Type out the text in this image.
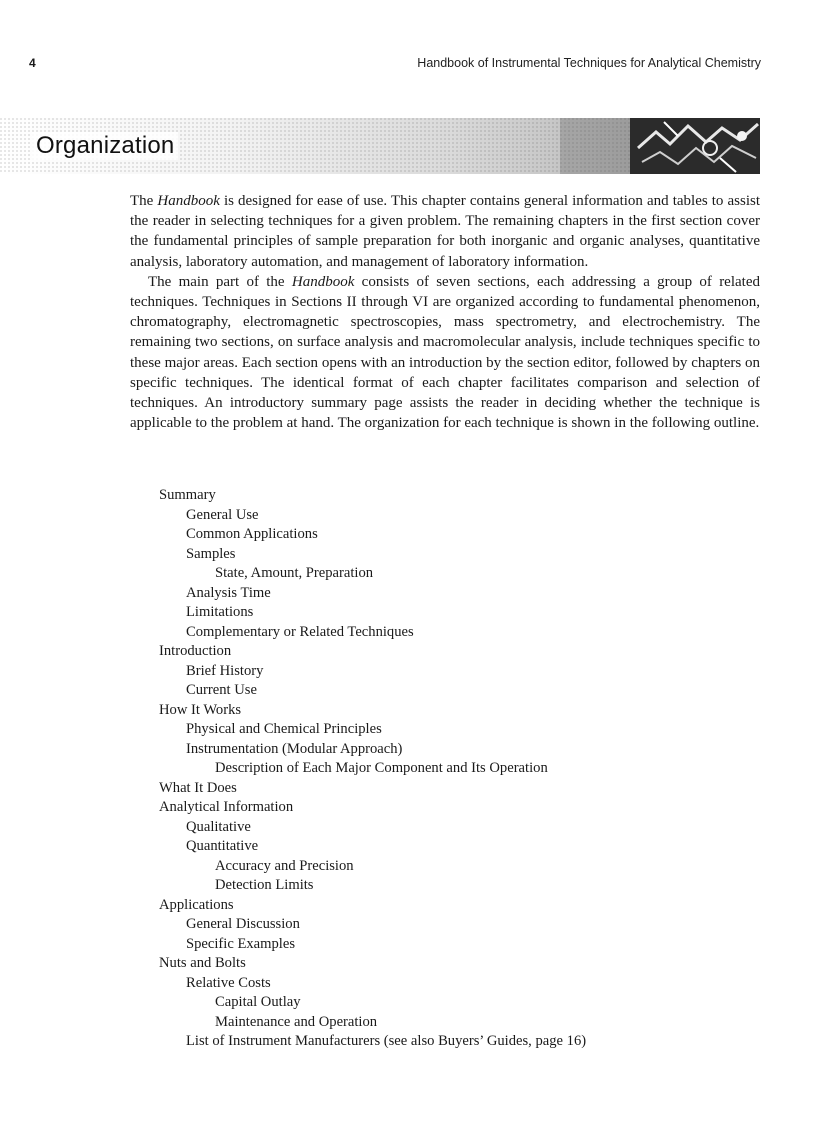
4	Handbook of Instrumental Techniques for Analytical Chemistry
Organization

The Handbook is designed for ease of use. This chapter contains general information and tables to assist the reader in selecting techniques for a given problem. The remaining chapters in the first section cover the fundamental principles of sample preparation for both inorganic and organic analyses, quantitative analysis, laboratory automation, and management of laboratory information.

The main part of the Handbook consists of seven sections, each addressing a group of related techniques. Techniques in Sections II through VI are organized according to fundamental phenomenon, chromatography, electromagnetic spectroscopies, mass spectrometry, and electrochemistry. The remaining two sections, on surface analysis and macromolecular analysis, include techniques specific to these major areas. Each section opens with an introduction by the section editor, followed by chapters on specific techniques. The identical format of each chapter facilitates comparison and selection of techniques. An introductory summary page assists the reader in deciding whether the technique is applicable to the problem at hand. The organization for each technique is shown in the following outline.

Summary
General Use
Common Applications
Samples
State, Amount, Preparation
Analysis Time
Limitations
Complementary or Related Techniques
Introduction
Brief History
Current Use
How It Works
Physical and Chemical Principles
Instrumentation (Modular Approach)
Description of Each Major Component and Its Operation
What It Does
Analytical Information
Qualitative
Quantitative
Accuracy and Precision
Detection Limits
Applications
General Discussion
Specific Examples
Nuts and Bolts
Relative Costs
Capital Outlay
Maintenance and Operation
List of Instrument Manufacturers (see also Buyers’ Guides, page 16)
